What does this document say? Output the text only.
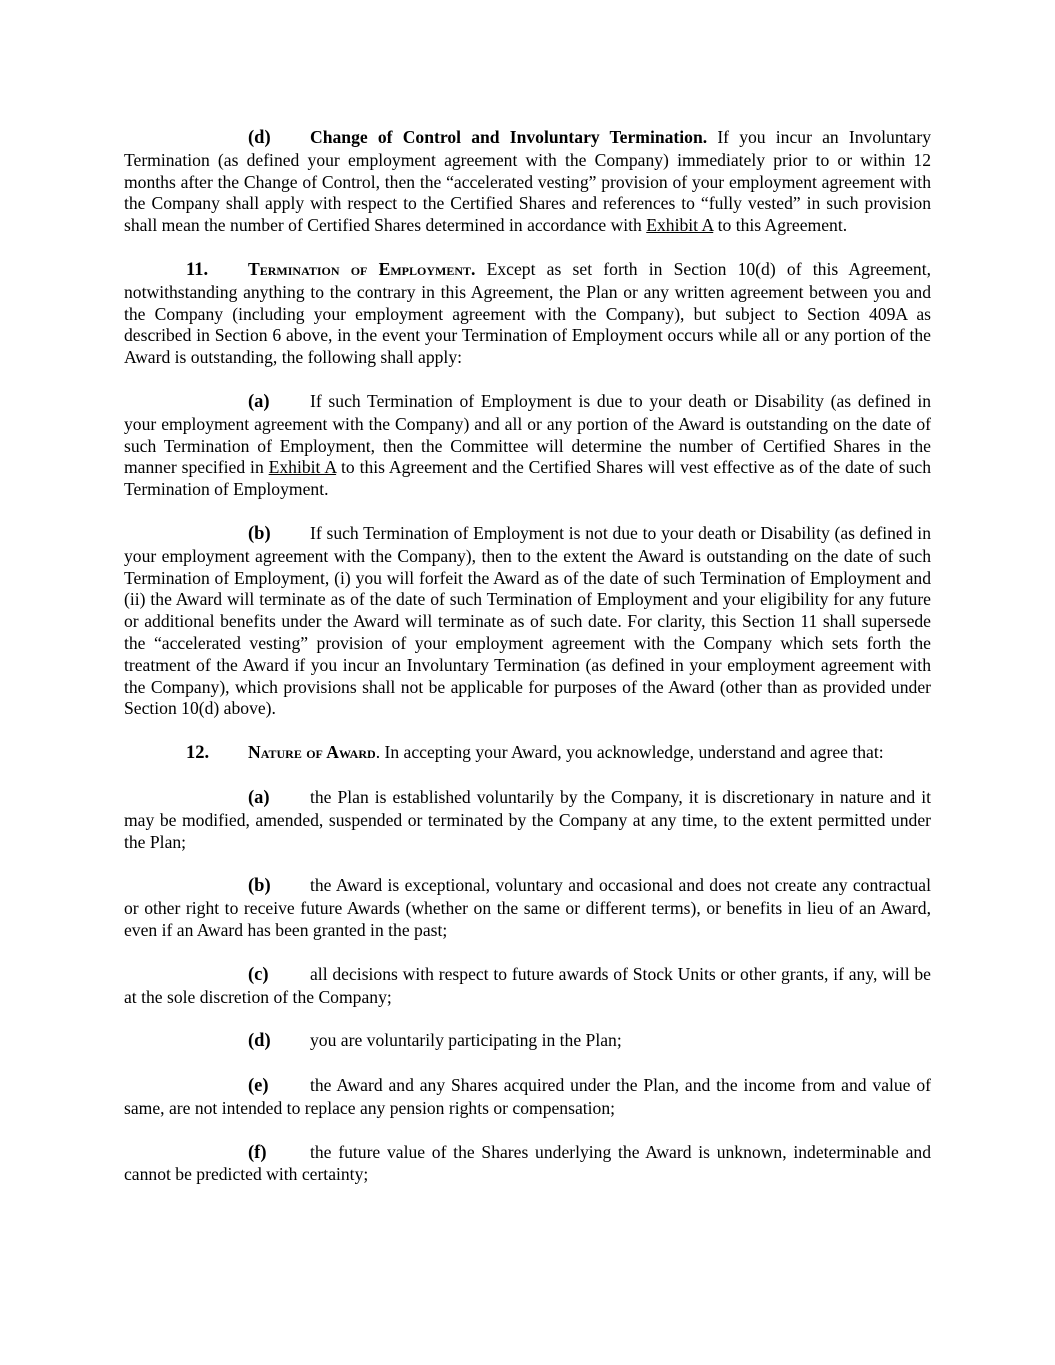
(d) Change of Control and Involuntary Termination. If you incur an Involuntary Termination (as defined your employment agreement with the Company) immediately prior to or within 12 months after the Change of Control, then the “accelerated vesting” provision of your employment agreement with the Company shall apply with respect to the Certified Shares and references to “fully vested” in such provision shall mean the number of Certified Shares determined in accordance with Exhibit A to this Agreement.

11. Termination of Employment. Except as set forth in Section 10(d) of this Agreement, notwithstanding anything to the contrary in this Agreement, the Plan or any written agreement between you and the Company (including your employment agreement with the Company), but subject to Section 409A as described in Section 6 above, in the event your Termination of Employment occurs while all or any portion of the Award is outstanding, the following shall apply:

(a) If such Termination of Employment is due to your death or Disability (as defined in your employment agreement with the Company) and all or any portion of the Award is outstanding on the date of such Termination of Employment, then the Committee will determine the number of Certified Shares in the manner specified in Exhibit A to this Agreement and the Certified Shares will vest effective as of the date of such Termination of Employment.

(b) If such Termination of Employment is not due to your death or Disability (as defined in your employment agreement with the Company), then to the extent the Award is outstanding on the date of such Termination of Employment, (i) you will forfeit the Award as of the date of such Termination of Employment and (ii) the Award will terminate as of the date of such Termination of Employment and your eligibility for any future or additional benefits under the Award will terminate as of such date. For clarity, this Section 11 shall supersede the “accelerated vesting” provision of your employment agreement with the Company which sets forth the treatment of the Award if you incur an Involuntary Termination (as defined in your employment agreement with the Company), which provisions shall not be applicable for purposes of the Award (other than as provided under Section 10(d) above).

12. Nature of Award. In accepting your Award, you acknowledge, understand and agree that:

(a) the Plan is established voluntarily by the Company, it is discretionary in nature and it may be modified, amended, suspended or terminated by the Company at any time, to the extent permitted under the Plan;

(b) the Award is exceptional, voluntary and occasional and does not create any contractual or other right to receive future Awards (whether on the same or different terms), or benefits in lieu of an Award, even if an Award has been granted in the past;

(c) all decisions with respect to future awards of Stock Units or other grants, if any, will be at the sole discretion of the Company;

(d) you are voluntarily participating in the Plan;

(e) the Award and any Shares acquired under the Plan, and the income from and value of same, are not intended to replace any pension rights or compensation;

(f) the future value of the Shares underlying the Award is unknown, indeterminable and cannot be predicted with certainty;
